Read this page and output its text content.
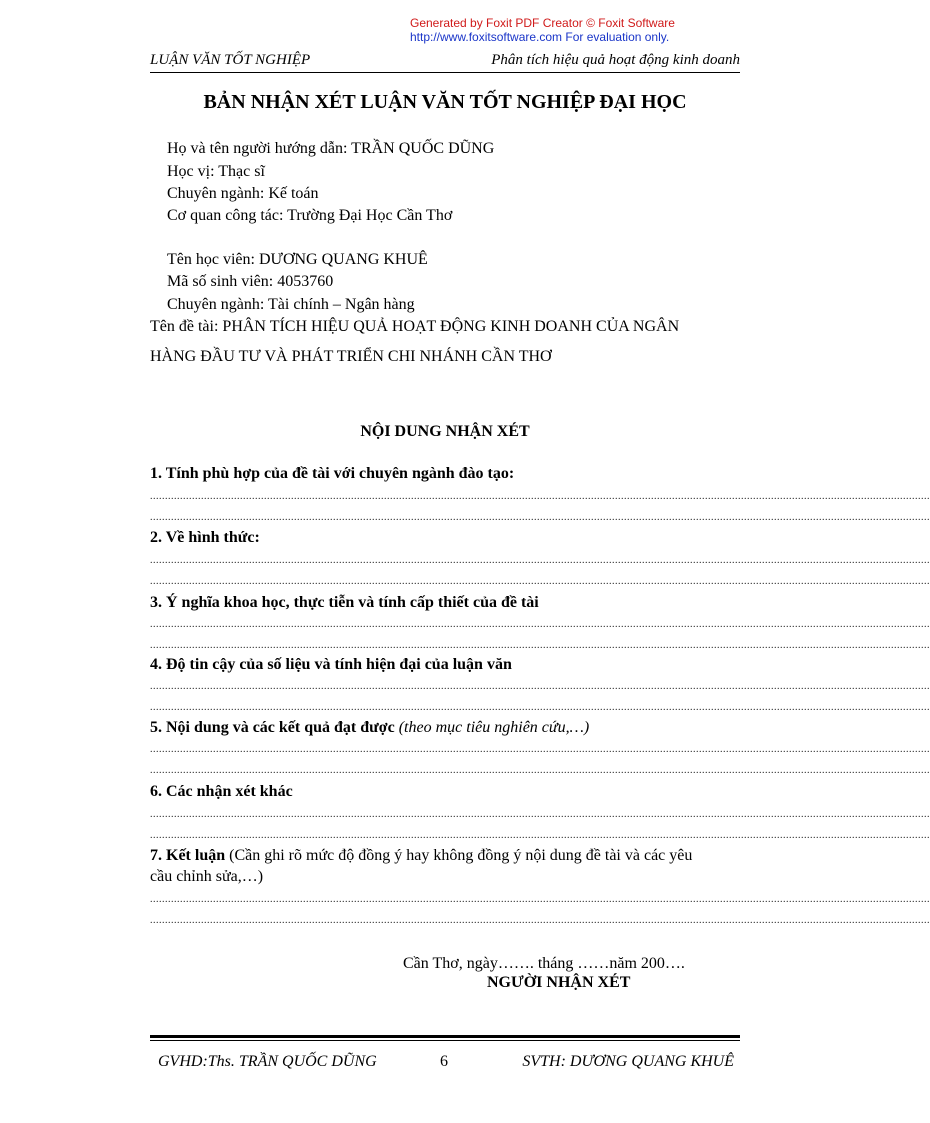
Generated by Foxit PDF Creator © Foxit Software
http://www.foxitsoftware.com For evaluation only.
LUẬN VĂN TỐT NGHIỆP	Phân tích hiệu quả hoạt động kinh doanh
BẢN NHẬN XÉT LUẬN VĂN TỐT NGHIỆP ĐẠI HỌC
Họ và tên người hướng dẫn: TRẦN QUỐC DŨNG
Học vị: Thạc sĩ
Chuyên ngành: Kế toán
Cơ quan công tác: Trường Đại Học Cần Thơ
Tên học viên: DƯƠNG QUANG KHUÊ
Mã số sinh viên: 4053760
Chuyên ngành: Tài chính – Ngân hàng
Tên đề tài: PHÂN TÍCH HIỆU QUẢ HOẠT ĐỘNG KINH DOANH CỦA NGÂN
HÀNG ĐẦU TƯ VÀ PHÁT TRIỂN CHI NHÁNH CẦN THƠ
NỘI DUNG NHẬN XÉT
1. Tính phù hợp của đề tài với chuyên ngành đào tạo:
....................................................................................................................................................................................................................................................................
....................................................................................................................................................................................................................................................................
2. Về hình thức:
....................................................................................................................................................................................................................................................................
....................................................................................................................................................................................................................................................................
3. Ý nghĩa khoa học, thực tiễn và tính cấp thiết của đề tài
....................................................................................................................................................................................................................................................................
....................................................................................................................................................................................................................................................................
4. Độ tin cậy của số liệu và tính hiện đại của luận văn
....................................................................................................................................................................................................................................................................
....................................................................................................................................................................................................................................................................
5. Nội dung và các kết quả đạt được (theo mục tiêu nghiên cứu,…)
....................................................................................................................................................................................................................................................................
....................................................................................................................................................................................................................................................................
6. Các nhận xét khác
....................................................................................................................................................................................................................................................................
....................................................................................................................................................................................................................................................................
7. Kết luận (Cần ghi rõ mức độ đồng ý hay không đồng ý nội dung đề tài và các yêu
cầu chỉnh sửa,…)
....................................................................................................................................................................................................................................................................
....................................................................................................................................................................................................................................................................
Cần Thơ, ngày……. tháng ……năm 200….
NGƯỜI NHẬN XÉT
GVHD:Ths. TRẦN QUỐC DŨNG	6	SVTH: DƯƠNG QUANG KHUÊ
